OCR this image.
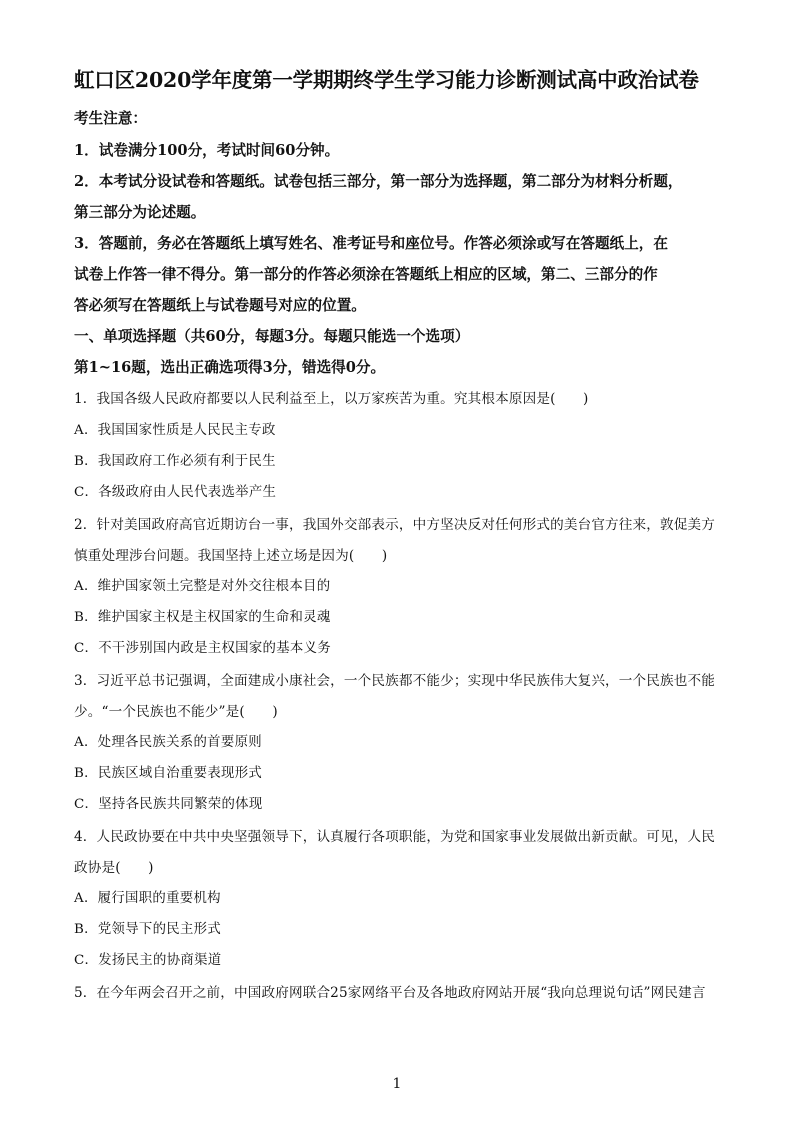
虹口区2020学年度第一学期期终学生学习能力诊断测试高中政治试卷
考生注意：
1．试卷满分100分，考试时间60分钟。
2．本考试分设试卷和答题纸。试卷包括三部分，第一部分为选择题，第二部分为材料分析题，
第三部分为论述题。
3．答题前，务必在答题纸上填写姓名、准考证号和座位号。作答必须涂或写在答题纸上，在
试卷上作答一律不得分。第一部分的作答必须涂在答题纸上相应的区域，第二、三部分的作
答必须写在答题纸上与试卷题号对应的位置。
一、单项选择题（共60分，每题3分。每题只能选一个选项）
第1~16题，选出正确选项得3分，错选得0分。
1．我国各级人民政府都要以人民利益至上，以万家疾苦为重。究其根本原因是(　　)
A．我国国家性质是人民民主专政
B．我国政府工作必须有利于民生
C．各级政府由人民代表选举产生
2．针对美国政府高官近期访台一事，我国外交部表示，中方坚决反对任何形式的美台官方往来，敦促美方
慎重处理涉台问题。我国坚持上述立场是因为(　　)
A．维护国家领土完整是对外交往根本目的
B．维护国家主权是主权国家的生命和灵魂
C．不干涉别国内政是主权国家的基本义务
3．习近平总书记强调，全面建成小康社会，一个民族都不能少；实现中华民族伟大复兴，一个民族也不能
少。“一个民族也不能少”是(　　)
A．处理各民族关系的首要原则
B．民族区域自治重要表现形式
C．坚持各民族共同繁荣的体现
4．人民政协要在中共中央坚强领导下，认真履行各项职能，为党和国家事业发展做出新贡献。可见，人民
政协是(　　)
A．履行国职的重要机构
B．党领导下的民主形式
C．发扬民主的协商渠道
5．在今年两会召开之前，中国政府网联合25家网络平台及各地政府网站开展“我向总理说句话”网民建言
1
